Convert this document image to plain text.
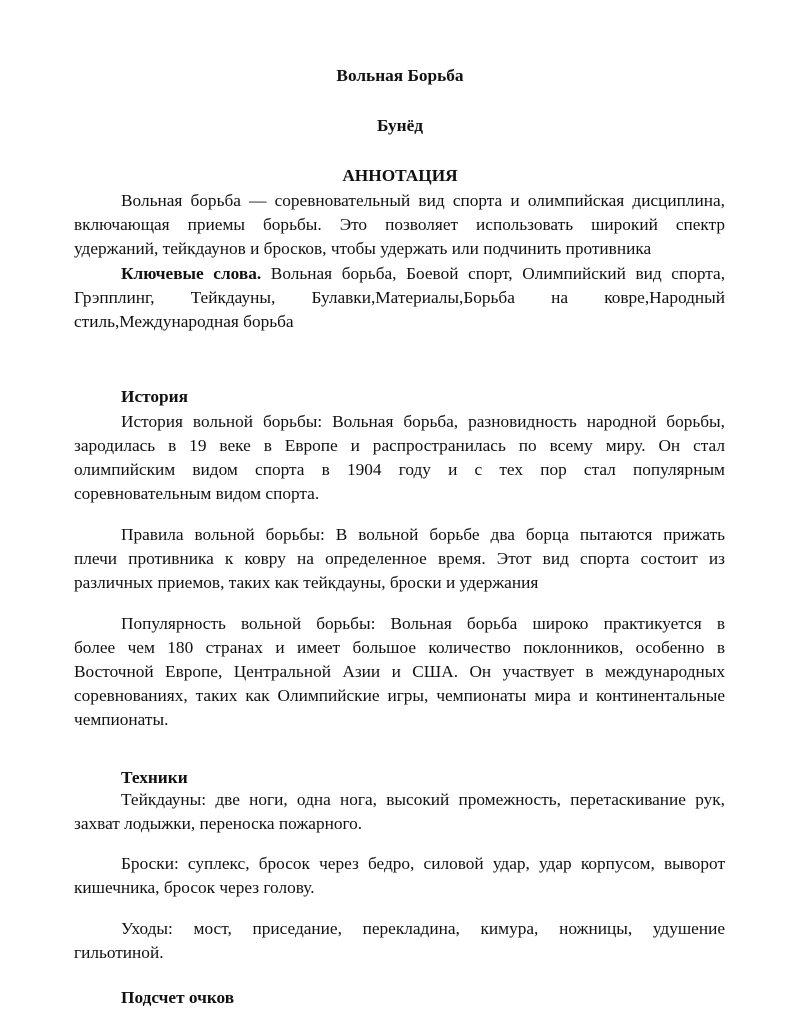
Вольная Борьба
Бунёд
АННОТАЦИЯ
Вольная борьба — соревновательный вид спорта и олимпийская дисциплина,
включающая приемы борьбы. Это позволяет использовать широкий спектр
удержаний, тейкдаунов и бросков, чтобы удержать или подчинить противника
Ключевые слова. Вольная борьба, Боевой спорт, Олимпийский вид спорта,
Грэпплинг, Тейкдауны, Булавки,Материалы,Борьба на ковре,Народный
стиль,Международная борьба
История
История вольной борьбы: Вольная борьба, разновидность народной борьбы,
зародилась в 19 веке в Европе и распространилась по всему миру. Он стал
олимпийским видом спорта в 1904 году и с тех пор стал популярным
соревновательным видом спорта.
Правила вольной борьбы: В вольной борьбе два борца пытаются прижать
плечи противника к ковру на определенное время. Этот вид спорта состоит из
различных приемов, таких как тейкдауны, броски и удержания
Популярность вольной борьбы: Вольная борьба широко практикуется в
более чем 180 странах и имеет большое количество поклонников, особенно в
Восточной Европе, Центральной Азии и США. Он участвует в международных
соревнованиях, таких как Олимпийские игры, чемпионаты мира и континентальные
чемпионаты.
Техники
Тейкдауны: две ноги, одна нога, высокий промежность, перетаскивание рук,
захват лодыжки, переноска пожарного.
Броски: суплекс, бросок через бедро, силовой удар, удар корпусом, выворот
кишечника, бросок через голову.
Уходы: мост, приседание, перекладина, кимура, ножницы, удушение
гильотиной.
Подсчет очков
